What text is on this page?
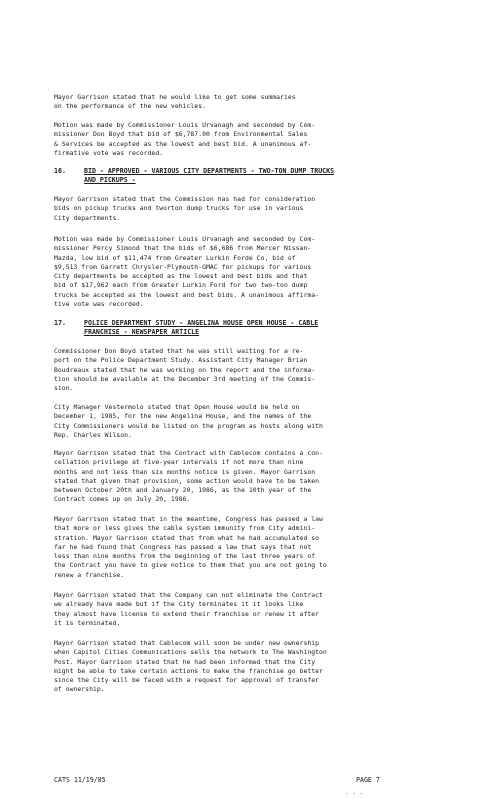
Mayor Garrison stated that he would like to get some summaries
on the performance of the new vehicles.

Motion was made by Commissioner Louis Urvanagh and seconded by Com-
missioner Don Boyd that bid of $6,787.00 from Environmental Sales
& Services be accepted as the lowest and best bid. A unanimous af-
firmative vote was recorded.

16.

	BID - APPROVED - VARIOUS CITY DEPARTMENTS - TWO-TON DUMP TRUCKS

AND PICKUPS -

Mayor Garrison stated that the Commission has had for consideration
bids on pickup trucks and tworton dump trucks for use in various
City departments.

Motion was made by Commissioner Louis Urvanagh and seconded by Com-
missioner Percy Simond that the bids of $6,686 from Mercer Nissan-
Mazda, low bid of $11,474 from Greater Lurkin Forde Co, bid of
$9,513 from Garrett Chrysler-Plymouth-GMAC for pickups for various
City departments be accepted as the lowest and best bids and that
bid of $17,962 each from Greater Lurkin Ford for two two-ton dump
trucks be accepted as the lowest and best bids. A unanimous affirma-
tive vote was recorded.

17.

	POLICE DEPARTMENT STUDY - ANGELINA HOUSE OPEN HOUSE - CABLE

FRANCHISE - NEWSPAPER ARTICLE

Commissioner Don Boyd stated that he was still waiting for a re-
port on the Police Department Study. Assistant City Manager Brian
Boudreaux stated that he was working on the report and the informa-
tion should be available at the December 3rd meeting of the Commis-
sion.

City Manager Vestermolo stated that Open House would be held on
December 1, 1985, for the new Angelina House, and the names of the
City Commissioners would be listed on the program as hosts along with
Rep. Charles Wilson.

Mayor Garrison stated that the Contract with Cablecom contains a con-
cellation privilege at five-year intervals if not more than nine
months and not less than six months notice is given. Mayor Garrison
stated that given that provision, some action would have to be taken
between October 20th and January 20, 1986, as the 10th year of the
Contract comes up on July 20, 1986.

Mayor Garrison stated that in the meantime, Congress has passed a law
that more or less gives the cable system immunity from City admini-
stration. Mayor Garrison stated that from what he had accumulated so
far he had found that Congress has passed a law that says that not
less than nine months from the beginning of the last three years of
the Contract you have to give notice to them that you are not going to
renew a franchise.

Mayor Garrison stated that the Company can not eliminate the Contract
we already have made but if the City terminates it it looks like
they almost have license to extend their franchise or renew it after
it is terminated.

Mayor Garrison stated that Cablecom will soon be under new ownership
when Capitol Cities Communications sells the network to The Washington
Post. Mayor Garrison stated that he had been informed that the City
might be able to take certain actions to make the franchise go better
since the City will be faced with a request for approval of transfer
of ownership.

CATS 11/19/85	PAGE 7
. . .
